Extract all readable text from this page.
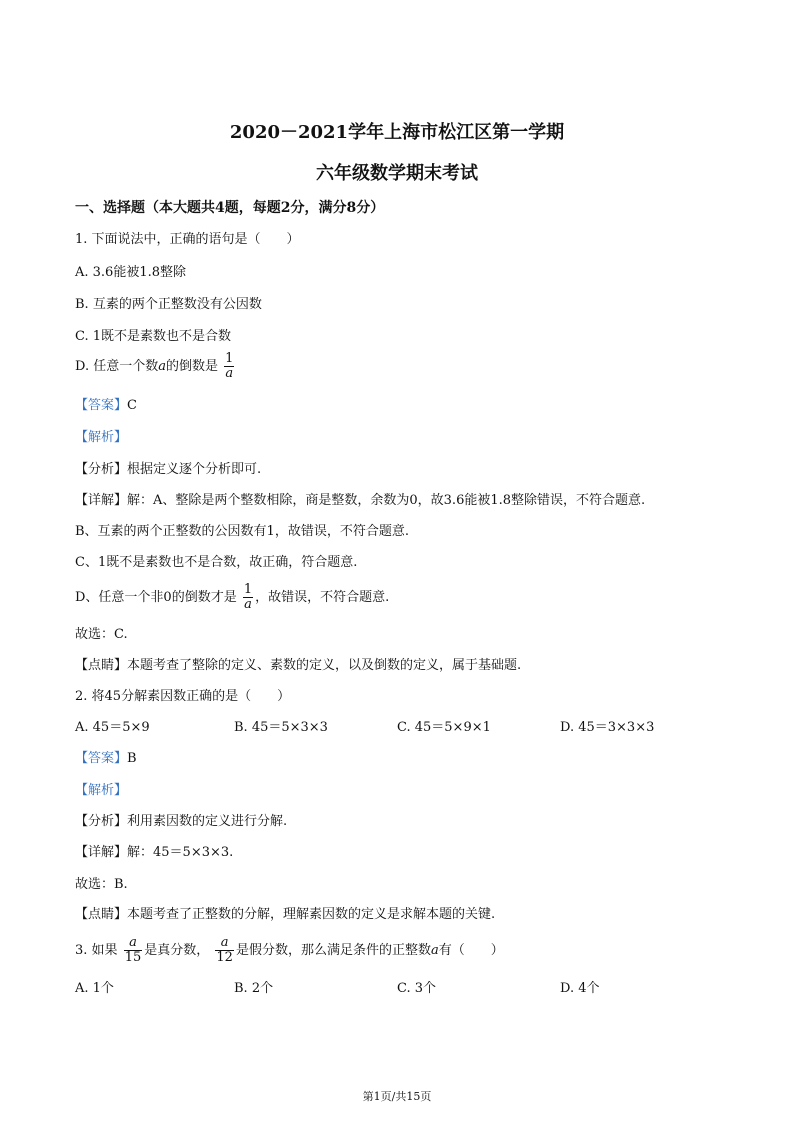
2020－2021学年上海市松江区第一学期
六年级数学期末考试
一、选择题（本大题共4题，每题2分，满分8分）
1. 下面说法中，正确的语句是（　　）
A. 3.6能被1.8整除
B. 互素的两个正整数没有公因数
C. 1既不是素数也不是合数
D. 任意一个数a的倒数是 $\frac{1}{a}$
【答案】C
【解析】
【分析】根据定义逐个分析即可.
【详解】解：A、整除是两个整数相除，商是整数，余数为0，故3.6能被1.8整除错误，不符合题意.
B、互素的两个正整数的公因数有1，故错误，不符合题意.
C、1既不是素数也不是合数，故正确，符合题意.
D、任意一个非0的倒数才是 $\frac{1}{a}$ ，故错误，不符合题意.
故选：C.
【点睛】本题考查了整除的定义、素数的定义，以及倒数的定义，属于基础题.
2. 将45分解素因数正确的是（　　）
A. 45＝5×9	B. 45＝5×3×3	C. 45＝5×9×1	D. 45＝3×3×3
【答案】B
【解析】
【分析】利用素因数的定义进行分解.
【详解】解：45＝5×3×3.
故选：B.
【点睛】本题考查了正整数的分解，理解素因数的定义是求解本题的关键.
3. 如果 $\frac{a}{15}$ 是真分数， $\frac{a}{12}$ 是假分数，那么满足条件的正整数a有（　　）
A. 1个	B. 2个	C. 3个	D. 4个
第1页/共15页
